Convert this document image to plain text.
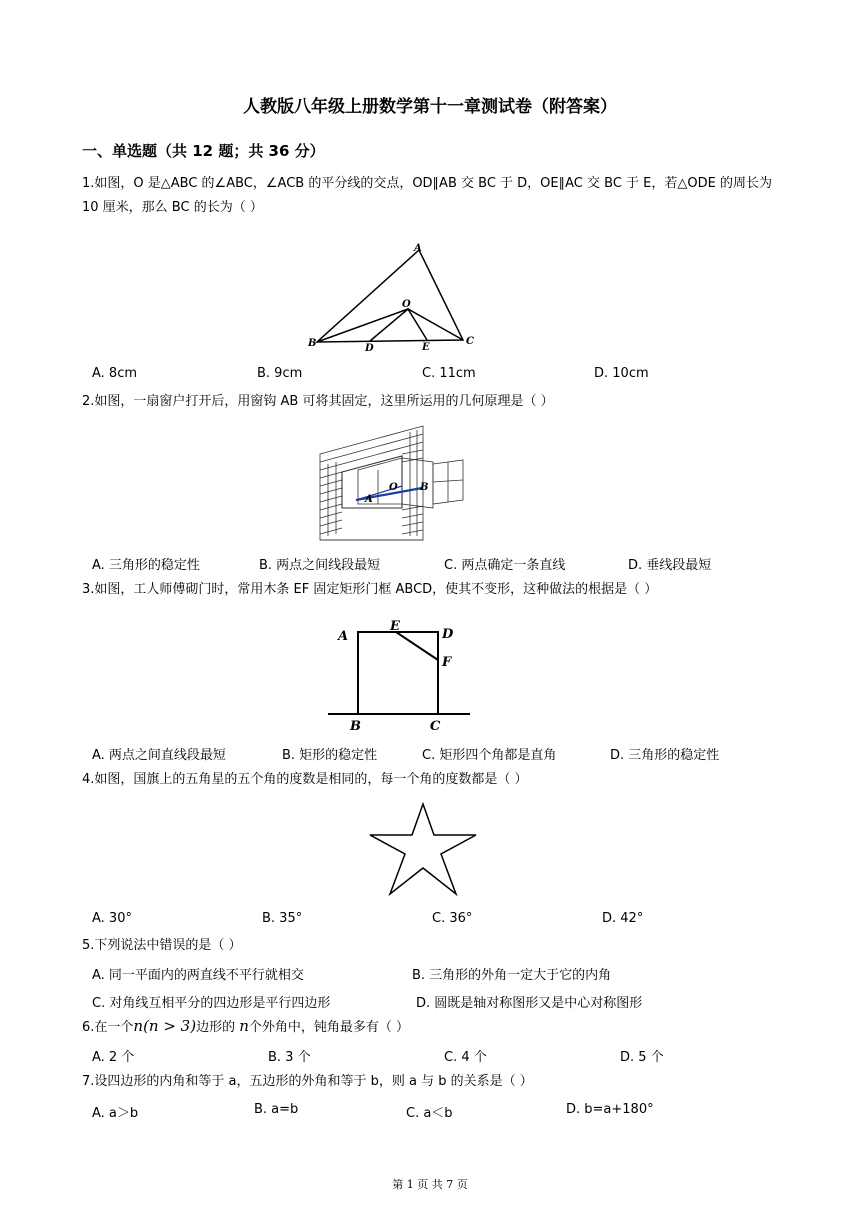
人教版八年级上册数学第十一章测试卷（附答案）
一、单选题（共 12 题；共 36 分）
1.如图，O 是△ABC 的∠ABC，∠ACB 的平分线的交点，OD∥AB 交 BC 于 D，OE∥AC 交 BC 于 E，若△ODE 的周长为 10 厘米，那么 BC 的长为（ ）
A
O
B	D	E
C
A. 8cm	B. 9cm	C. 11cm	D. 10cm
2.如图，一扇窗户打开后，用窗钩 AB 可将其固定，这里所运用的几何原理是（ ）
A
O B
A. 三角形的稳定性	B. 两点之间线段最短	C. 两点确定一条直线	D. 垂线段最短
3.如图，工人师傅砌门时，常用木条 EF 固定矩形门框 ABCD，使其不变形，这种做法的根据是（ ）
A
E
D
F
B	C
A. 两点之间直线段最短	B. 矩形的稳定性	C. 矩形四个角都是直角	D. 三角形的稳定性
4.如图，国旗上的五角星的五个角的度数是相同的，每一个角的度数都是（ ）
A. 30°	B. 35°	C. 36°	D. 42°
5.下列说法中错误的是（ ）
A. 同一平面内的两直线不平行就相交	B. 三角形的外角一定大于它的内角
C. 对角线互相平分的四边形是平行四边形	D. 圆既是轴对称图形又是中心对称图形
6.在一个n(n > 3)边形的 n个外角中，钝角最多有（ ）
A. 2 个	B. 3 个	C. 4 个	D. 5 个
7.设四边形的内角和等于 a，五边形的外角和等于 b，则 a 与 b 的关系是（ ）
A. a＞b	B. a=b	C. a＜b	D. b=a+180°
第 1 页 共 7 页
